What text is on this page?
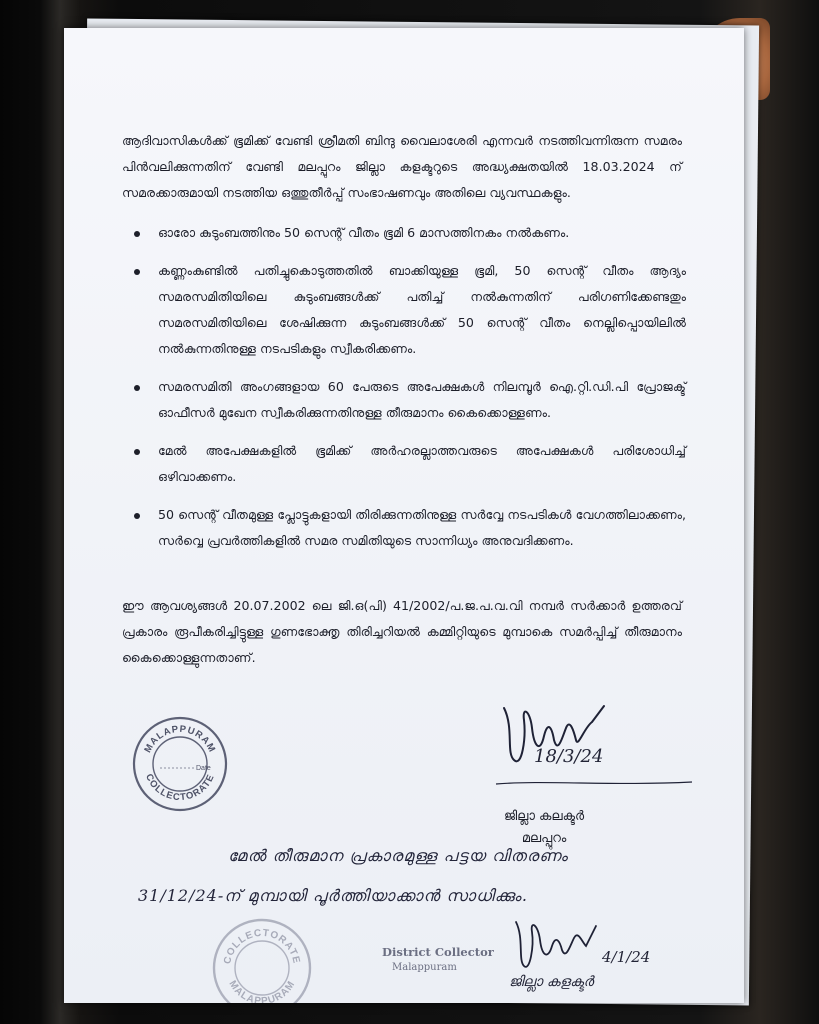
ആദിവാസികൾക്ക് ഭൂമിക്ക് വേണ്ടി ശ്രീമതി ബിന്ദു വൈലാശേരി എന്നവർ നടത്തിവന്നിരുന്ന സമരം പിൻവലിക്കുന്നതിന് വേണ്ടി മലപ്പുറം ജില്ലാ കളക്ടറുടെ അദ്ധ്യക്ഷതയിൽ 18.03.2024 ന് സമരക്കാരുമായി നടത്തിയ ഒത്തുതീർപ്പ് സംഭാഷണവും അതിലെ വ്യവസ്ഥകളും.

ഓരോ കുടുംബത്തിനും 50 സെന്റ് വീതം ഭൂമി 6 മാസത്തിനകം നൽകണം.
കണ്ണംകുണ്ടിൽ പതിച്ചുകൊടുത്തതിൽ ബാക്കിയുള്ള ഭൂമി, 50 സെന്റ് വീതം ആദ്യം സമരസമിതിയിലെ കുടുംബങ്ങൾക്ക് പതിച്ച് നൽകുന്നതിന് പരിഗണിക്കേണ്ടതും സമരസമിതിയിലെ ശേഷിക്കുന്ന കുടുംബങ്ങൾക്ക് 50 സെന്റ് വീതം നെല്ലിപ്പൊയിലിൽ നൽകുന്നതിനുള്ള നടപടികളും സ്വീകരിക്കണം.
സമരസമിതി അംഗങ്ങളായ 60 പേരുടെ അപേക്ഷകൾ നിലമ്പൂർ ഐ.റ്റി.ഡി.പി പ്രോജക്ട് ഓഫീസർ മുഖേന സ്വീകരിക്കുന്നതിനുള്ള തീരുമാനം കൈക്കൊള്ളണം.
മേൽ അപേക്ഷകളിൽ ഭൂമിക്ക് അർഹരല്ലാത്തവരുടെ അപേക്ഷകൾ പരിശോധിച്ച് ഒഴിവാക്കണം.
50 സെന്റ് വീതമുള്ള പ്ലോട്ടുകളായി തിരിക്കുന്നതിനുള്ള സർവ്വേ നടപടികൾ വേഗത്തിലാക്കണം, സർവ്വെ പ്രവർത്തികളിൽ സമര സമിതിയുടെ സാന്നിധ്യം അനുവദിക്കണം.

ഈ ആവശ്യങ്ങൾ 20.07.2002 ലെ ജി.ഒ(പി) 41/2002/പ.ജ.പ.വ.വി നമ്പർ സർക്കാർ ഉത്തരവ് പ്രകാരം രൂപീകരിച്ചിട്ടുള്ള ഗുണഭോക്തൃ തിരിച്ചറിയൽ കമ്മിറ്റിയുടെ മുമ്പാകെ സമർപ്പിച്ച് തീരുമാനം കൈക്കൊള്ളുന്നതാണ്.

MALAPPURAM
COLLECTORATE
Date
18/3/24
ജില്ലാ കലക്ടർ
മലപ്പുറം
മേൽ തീരുമാന പ്രകാരമുള്ള പട്ടയ വിതരണം
31/12/24-ന് മുമ്പായി പൂർത്തിയാക്കാൻ സാധിക്കും.
COLLECTORATE
MALAPPURAM
District Collector
Malappuram
4/1/24
ജില്ലാ കളക്ടർ
